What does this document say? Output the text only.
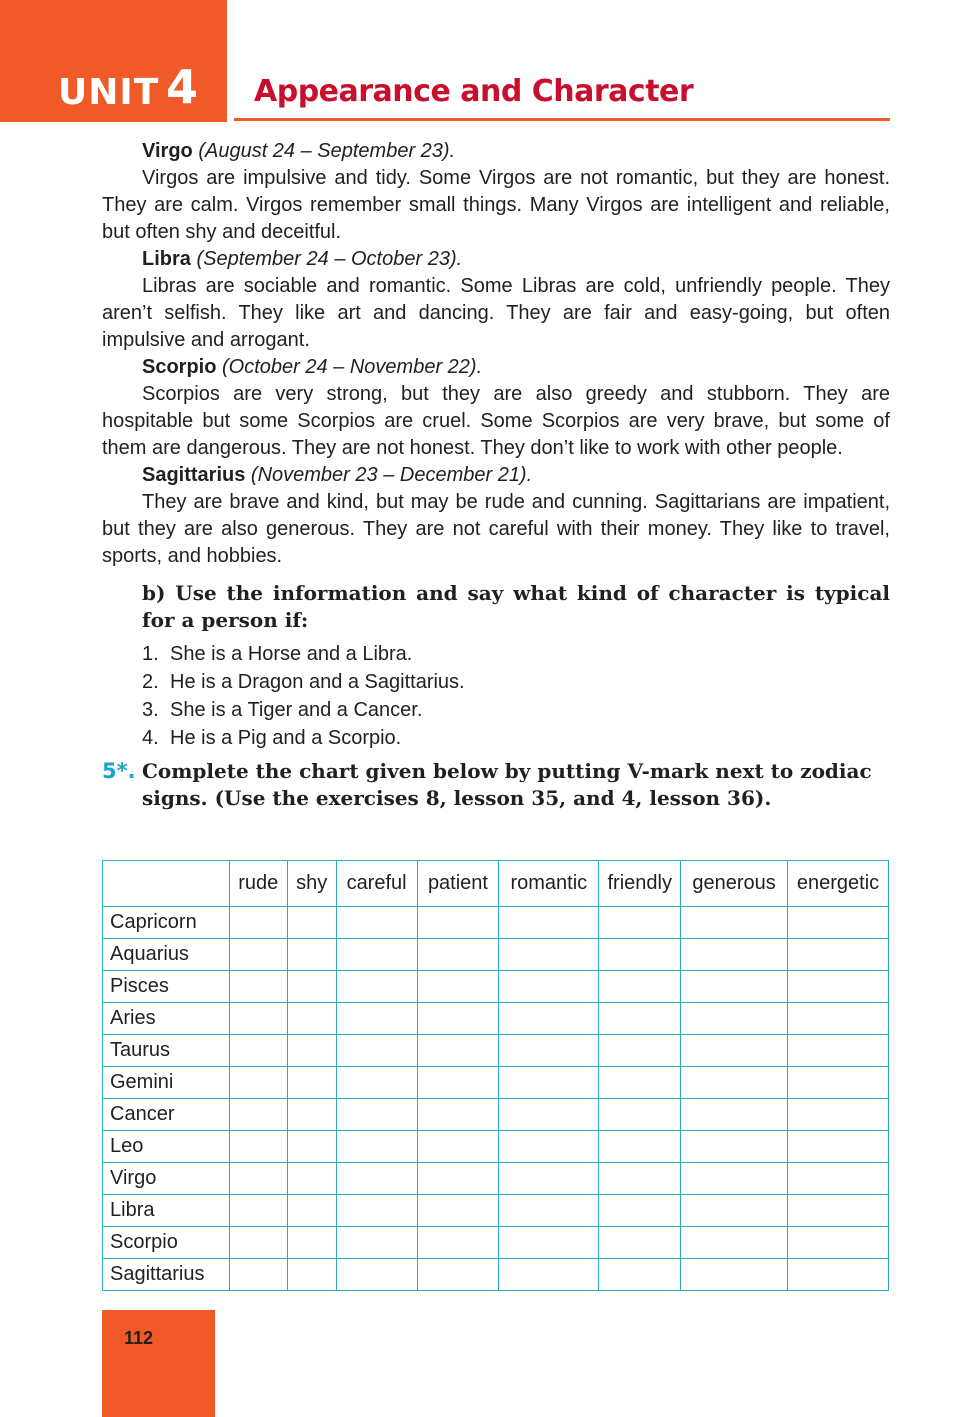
UNIT 4 Appearance and Character

Virgo (August 24 – September 23).

Virgos are impulsive and tidy. Some Virgos are not romantic, but they are honest. They are calm. Virgos remember small things. Many Virgos are intelligent and reliable, but often shy and deceitful.

Libra (September 24 – October 23).

Libras are sociable and romantic. Some Libras are cold, unfriendly people. They aren’t selfish. They like art and dancing. They are fair and easy-going, but often impulsive and arrogant.

Scorpio (October 24 – November 22).

Scorpios are very strong, but they are also greedy and stubborn. They are hospitable but some Scorpios are cruel. Some Scorpios are very brave, but some of them are dangerous. They are not honest. They don’t like to work with other people.

Sagittarius (November 23 – December 21).

They are brave and kind, but may be rude and cunning. Sagittarians are impatient, but they are also generous. They are not careful with their money. They like to travel, sports, and hobbies.

b) Use the information and say what kind of character is typical for a person if:
1. She is a Horse and a Libra.
2. He is a Dragon and a Sagittarius.
3. She is a Tiger and a Cancer.
4. He is a Pig and a Scorpio.
5*. Complete the chart given below by putting V-mark next to zodiac signs. (Use the exercises 8, lesson 35, and 4, lesson 36).
	rude	shy	careful	patient	romantic	friendly	generous	energetic
Capricorn								
Aquarius								
Pisces								
Aries								
Taurus								
Gemini								
Cancer								
Leo								
Virgo								
Libra								
Scorpio								
Sagittarius								
112
